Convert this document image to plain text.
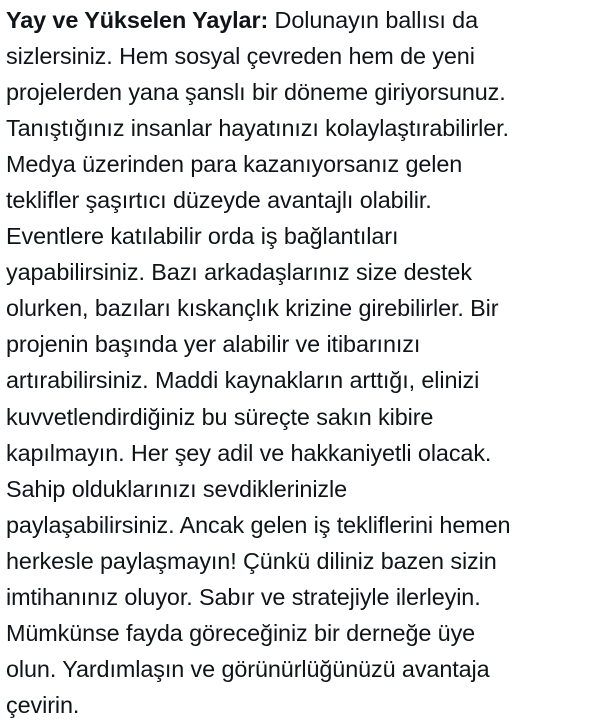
Yay ve Yükselen Yaylar: Dolunayın ballısı da
sizlersiniz. Hem sosyal çevreden hem de yeni
projelerden yana şanslı bir döneme giriyorsunuz.
Tanıştığınız insanlar hayatınızı kolaylaştırabilirler.
Medya üzerinden para kazanıyorsanız gelen
teklifler şaşırtıcı düzeyde avantajlı olabilir.
Eventlere katılabilir orda iş bağlantıları
yapabilirsiniz. Bazı arkadaşlarınız size destek
olurken, bazıları kıskançlık krizine girebilirler. Bir
projenin başında yer alabilir ve itibarınızı
artırabilirsiniz. Maddi kaynakların arttığı, elinizi
kuvvetlendirdiğiniz bu süreçte sakın kibire
kapılmayın. Her şey adil ve hakkaniyetli olacak.
Sahip olduklarınızı sevdiklerinizle
paylaşabilirsiniz. Ancak gelen iş tekliflerini hemen
herkesle paylaşmayın! Çünkü diliniz bazen sizin
imtihanınız oluyor. Sabır ve stratejiyle ilerleyin.
Mümkünse fayda göreceğiniz bir derneğe üye
olun. Yardımlaşın ve görünürlüğünüzü avantaja
çevirin.
